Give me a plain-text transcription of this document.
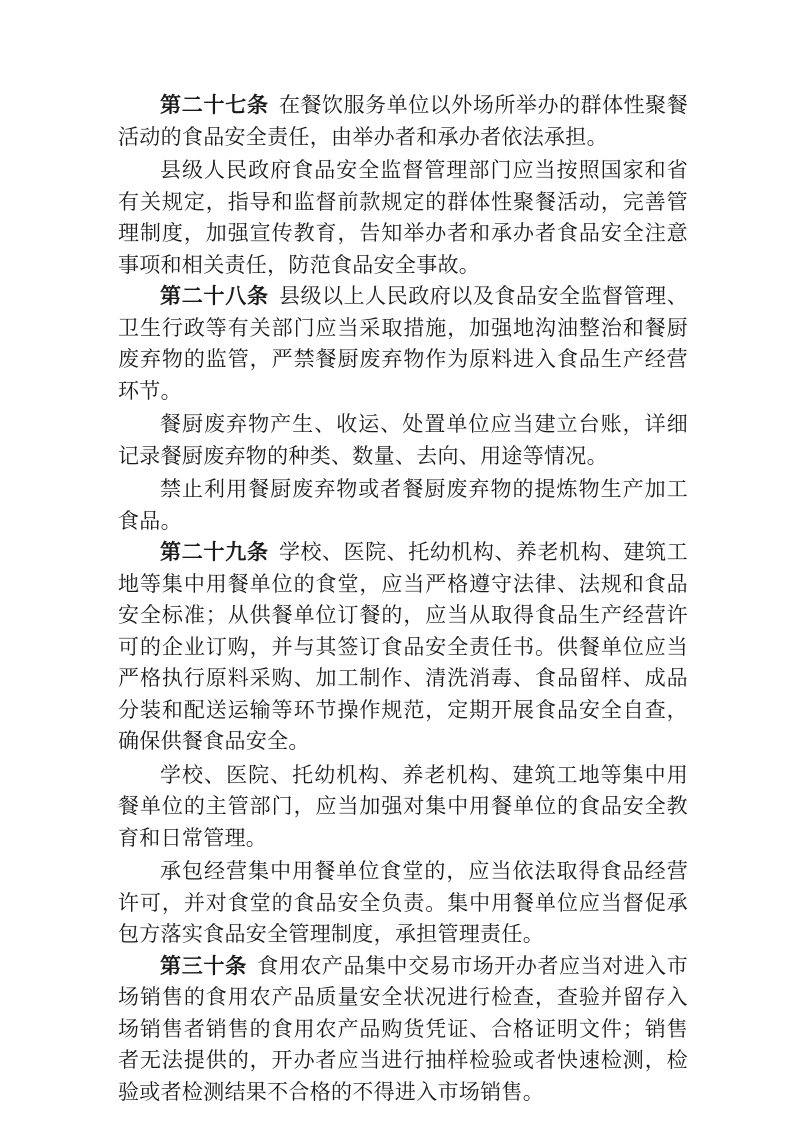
第二十七条 在餐饮服务单位以外场所举办的群体性聚餐活动的食品安全责任，由举办者和承办者依法承担。

县级人民政府食品安全监督管理部门应当按照国家和省有关规定，指导和监督前款规定的群体性聚餐活动，完善管理制度，加强宣传教育，告知举办者和承办者食品安全注意事项和相关责任，防范食品安全事故。

第二十八条 县级以上人民政府以及食品安全监督管理、卫生行政等有关部门应当采取措施，加强地沟油整治和餐厨废弃物的监管，严禁餐厨废弃物作为原料进入食品生产经营环节。

餐厨废弃物产生、收运、处置单位应当建立台账，详细记录餐厨废弃物的种类、数量、去向、用途等情况。

禁止利用餐厨废弃物或者餐厨废弃物的提炼物生产加工食品。

第二十九条 学校、医院、托幼机构、养老机构、建筑工地等集中用餐单位的食堂，应当严格遵守法律、法规和食品安全标准；从供餐单位订餐的，应当从取得食品生产经营许可的企业订购，并与其签订食品安全责任书。供餐单位应当严格执行原料采购、加工制作、清洗消毒、食品留样、成品分装和配送运输等环节操作规范，定期开展食品安全自查，确保供餐食品安全。

学校、医院、托幼机构、养老机构、建筑工地等集中用餐单位的主管部门，应当加强对集中用餐单位的食品安全教育和日常管理。

承包经营集中用餐单位食堂的，应当依法取得食品经营许可，并对食堂的食品安全负责。集中用餐单位应当督促承包方落实食品安全管理制度，承担管理责任。

第三十条 食用农产品集中交易市场开办者应当对进入市场销售的食用农产品质量安全状况进行检查，查验并留存入场销售者销售的食用农产品购货凭证、合格证明文件；销售者无法提供的，开办者应当进行抽样检验或者快速检测，检验或者检测结果不合格的不得进入市场销售。
